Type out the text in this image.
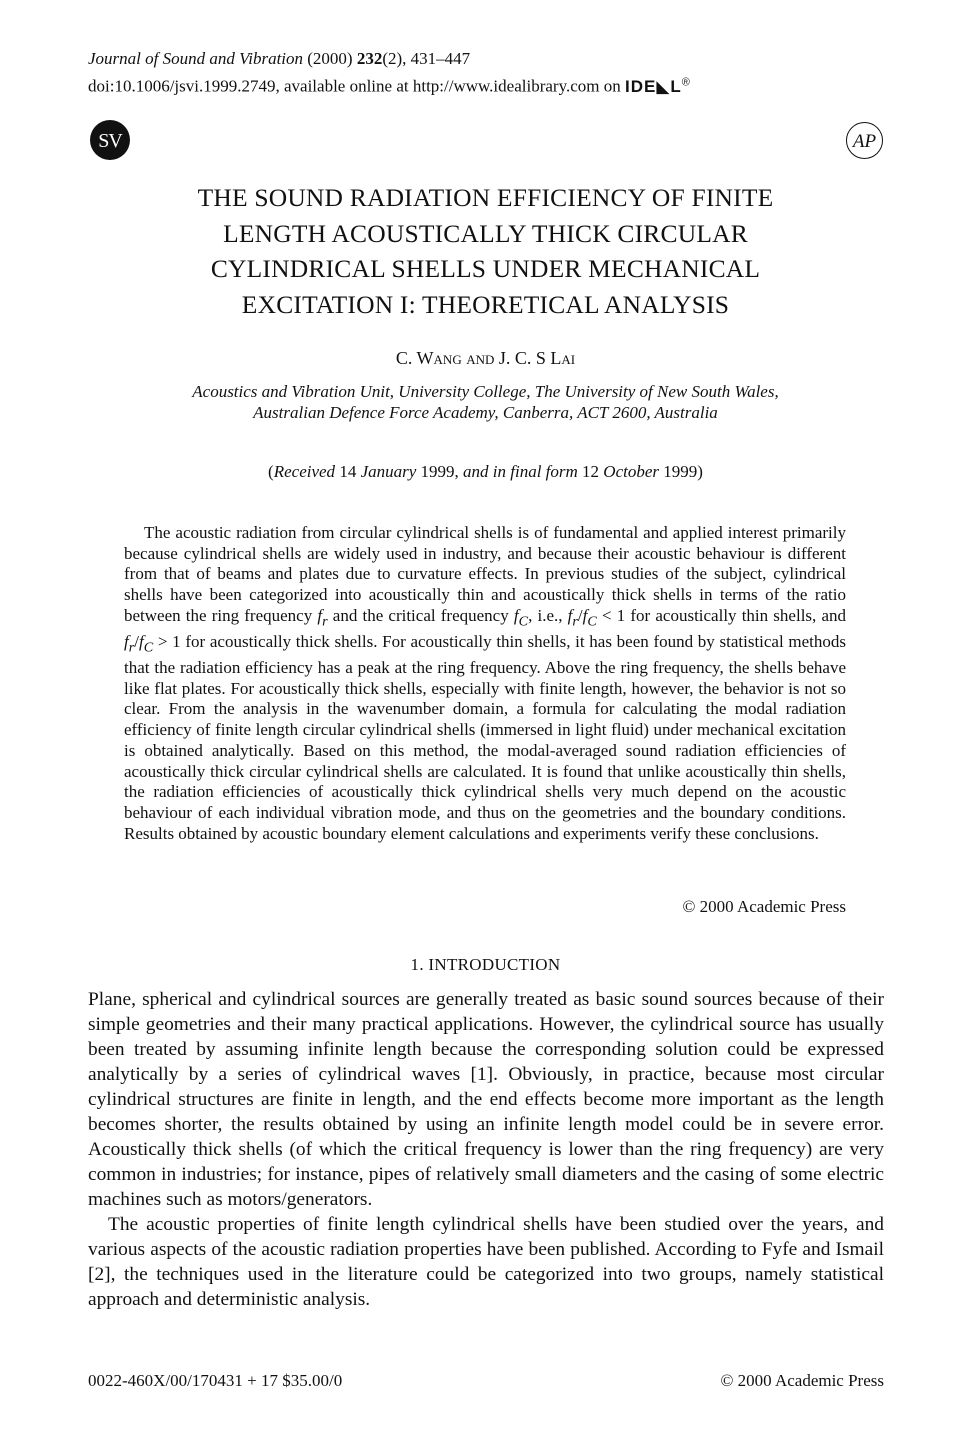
Journal of Sound and Vibration (2000) 232(2), 431–447
doi:10.1006/jsvi.1999.2749, available online at http://www.idealibrary.com on IDE◣L®
SV	AP
THE SOUND RADIATION EFFICIENCY OF FINITE
LENGTH ACOUSTICALLY THICK CIRCULAR
CYLINDRICAL SHELLS UNDER MECHANICAL
EXCITATION I: THEORETICAL ANALYSIS
C. Wang and J. C. S Lai
Acoustics and Vibration Unit, University College, The University of New South Wales,
Australian Defence Force Academy, Canberra, ACT 2600, Australia
(Received 14 January 1999, and in final form 12 October 1999)
The acoustic radiation from circular cylindrical shells is of fundamental and applied interest primarily because cylindrical shells are widely used in industry, and because their acoustic behaviour is different from that of beams and plates due to curvature effects. In previous studies of the subject, cylindrical shells have been categorized into acoustically thin and acoustically thick shells in terms of the ratio between the ring frequency $f_r$ and the critical frequency $f_C$, i.e., $f_r/f_C < 1$ for acoustically thin shells, and $f_r/f_C > 1$ for acoustically thick shells. For acoustically thin shells, it has been found by statistical methods that the radiation efficiency has a peak at the ring frequency. Above the ring frequency, the shells behave like flat plates. For acoustically thick shells, especially with finite length, however, the behavior is not so clear. From the analysis in the wavenumber domain, a formula for calculating the modal radiation efficiency of finite length circular cylindrical shells (immersed in light fluid) under mechanical excitation is obtained analytically. Based on this method, the modal-averaged sound radiation efficiencies of acoustically thick circular cylindrical shells are calculated. It is found that unlike acoustically thin shells, the radiation efficiencies of acoustically thick cylindrical shells very much depend on the acoustic behaviour of each individual vibration mode, and thus on the geometries and the boundary conditions. Results obtained by acoustic boundary element calculations and experiments verify these conclusions.
© 2000 Academic Press
1. INTRODUCTION

Plane, spherical and cylindrical sources are generally treated as basic sound sources because of their simple geometries and their many practical applications. However, the cylindrical source has usually been treated by assuming infinite length because the corresponding solution could be expressed analytically by a series of cylindrical waves [1]. Obviously, in practice, because most circular cylindrical structures are finite in length, and the end effects become more important as the length becomes shorter, the results obtained by using an infinite length model could be in severe error. Acoustically thick shells (of which the critical frequency is lower than the ring frequency) are very common in industries; for instance, pipes of relatively small diameters and the casing of some electric machines such as motors/generators.

The acoustic properties of finite length cylindrical shells have been studied over the years, and various aspects of the acoustic radiation properties have been published. According to Fyfe and Ismail [2], the techniques used in the literature could be categorized into two groups, namely statistical approach and deterministic analysis.

0022-460X/00/170431 + 17 $35.00/0	© 2000 Academic Press
